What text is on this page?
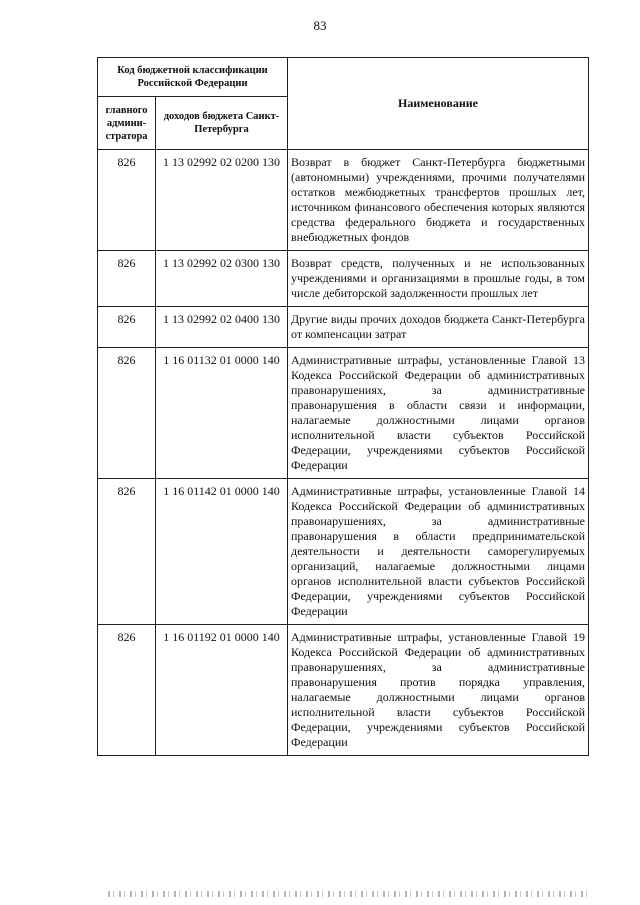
83
Код бюджетной классификации Российской Федерации		Наименование
главного админи-стратора	доходов бюджета Санкт-Петербурга	
826	1 13 02992 02 0200 130	Возврат в бюджет Санкт-Петербурга бюджетными (автономными) учреждениями, прочими получателями остатков межбюджетных трансфертов прошлых лет, источником финансового обеспечения которых являются средства федерального бюджета и государственных внебюджетных фондов
826	1 13 02992 02 0300 130	Возврат средств, полученных и не использованных учреждениями и организациями в прошлые годы, в том числе дебиторской задолженности прошлых лет
826	1 13 02992 02 0400 130	Другие виды прочих доходов бюджета Санкт-Петербурга от компенсации затрат
826	1 16 01132 01 0000 140	Административные штрафы, установленные Главой 13 Кодекса Российской Федерации об административных правонарушениях, за административные правонарушения в области связи и информации, налагаемые должностными лицами органов исполнительной власти субъектов Российской Федерации, учреждениями субъектов Российской Федерации
826	1 16 01142 01 0000 140	Административные штрафы, установленные Главой 14 Кодекса Российской Федерации об административных правонарушениях, за административные правонарушения в области предпринимательской деятельности и деятельности саморегулируемых организаций, налагаемые должностными лицами органов исполнительной власти субъектов Российской Федерации, учреждениями субъектов Российской Федерации
826	1 16 01192 01 0000 140	Административные штрафы, установленные Главой 19 Кодекса Российской Федерации об административных правонарушениях, за административные правонарушения против порядка управления, налагаемые должностными лицами органов исполнительной власти субъектов Российской Федерации, учреждениями субъектов Российской Федерации
